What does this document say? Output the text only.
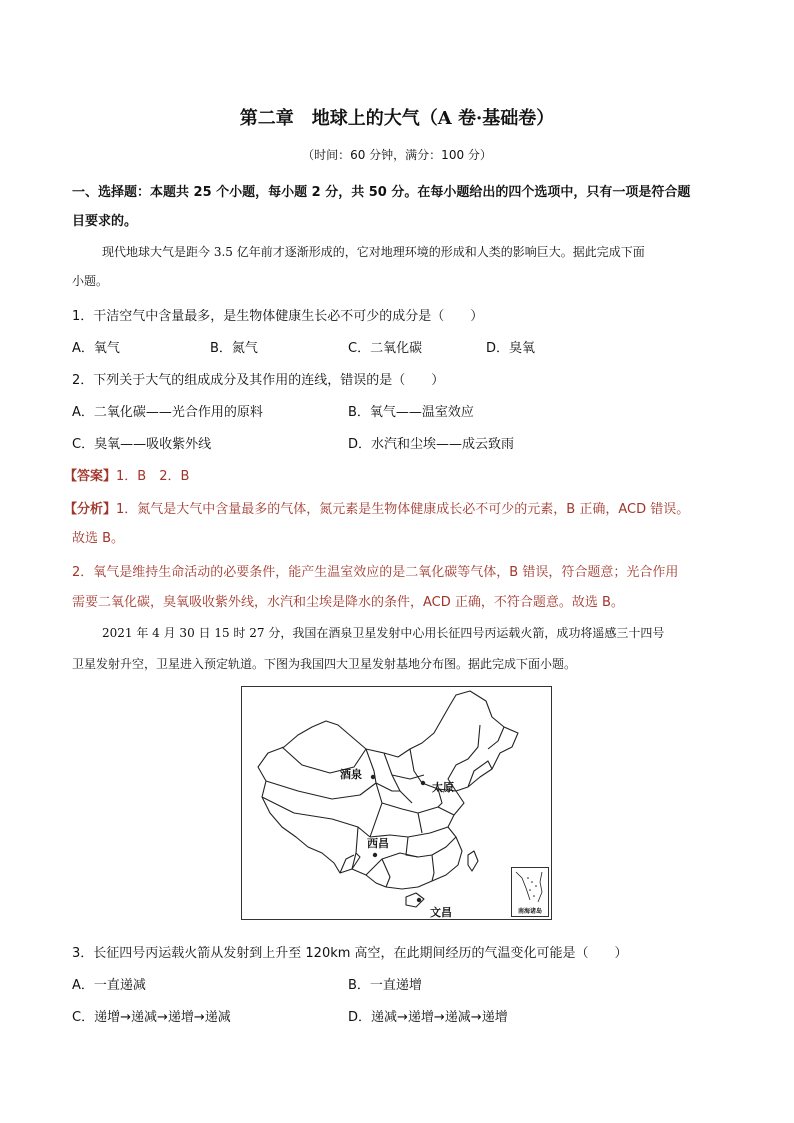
第二章　地球上的大气（A 卷·基础卷）
（时间：60 分钟，满分：100 分）
一、选择题：本题共 25 个小题，每小题 2 分，共 50 分。在每小题给出的四个选项中，只有一项是符合题
目要求的。
现代地球大气是距今 3.5 亿年前才逐渐形成的，它对地理环境的形成和人类的影响巨大。据此完成下面
小题。
1．干洁空气中含量最多，是生物体健康生长必不可少的成分是（　　）
A．氧气	B．氮气	C．二氧化碳	D．臭氧
2．下列关于大气的组成成分及其作用的连线，错误的是（　　）
A．二氧化碳——光合作用的原料	B．氧气——温室效应
C．臭氧——吸收紫外线	D．水汽和尘埃——成云致雨
【答案】1．B　2．B
【分析】1．氮气是大气中含量最多的气体，氮元素是生物体健康成长必不可少的元素，B 正确，ACD 错误。
故选 B。
2．氧气是维持生命活动的必要条件，能产生温室效应的是二氧化碳等气体，B 错误，符合题意；光合作用
需要二氧化碳，臭氧吸收紫外线，水汽和尘埃是降水的条件，ACD 正确，不符合题意。故选 B。
2021 年 4 月 30 日 15 时 27 分，我国在酒泉卫星发射中心用长征四号丙运载火箭，成功将遥感三十四号
卫星发射升空，卫星进入预定轨道。下图为我国四大卫星发射基地分布图。据此完成下面小题。
酒泉
太原
西昌
文昌	南海诸岛
3．长征四号丙运载火箭从发射到上升至 120km 高空，在此期间经历的气温变化可能是（　　）
A．一直递减	B．一直递增
C．递增→递减→递增→递减	D．递减→递增→递减→递增
